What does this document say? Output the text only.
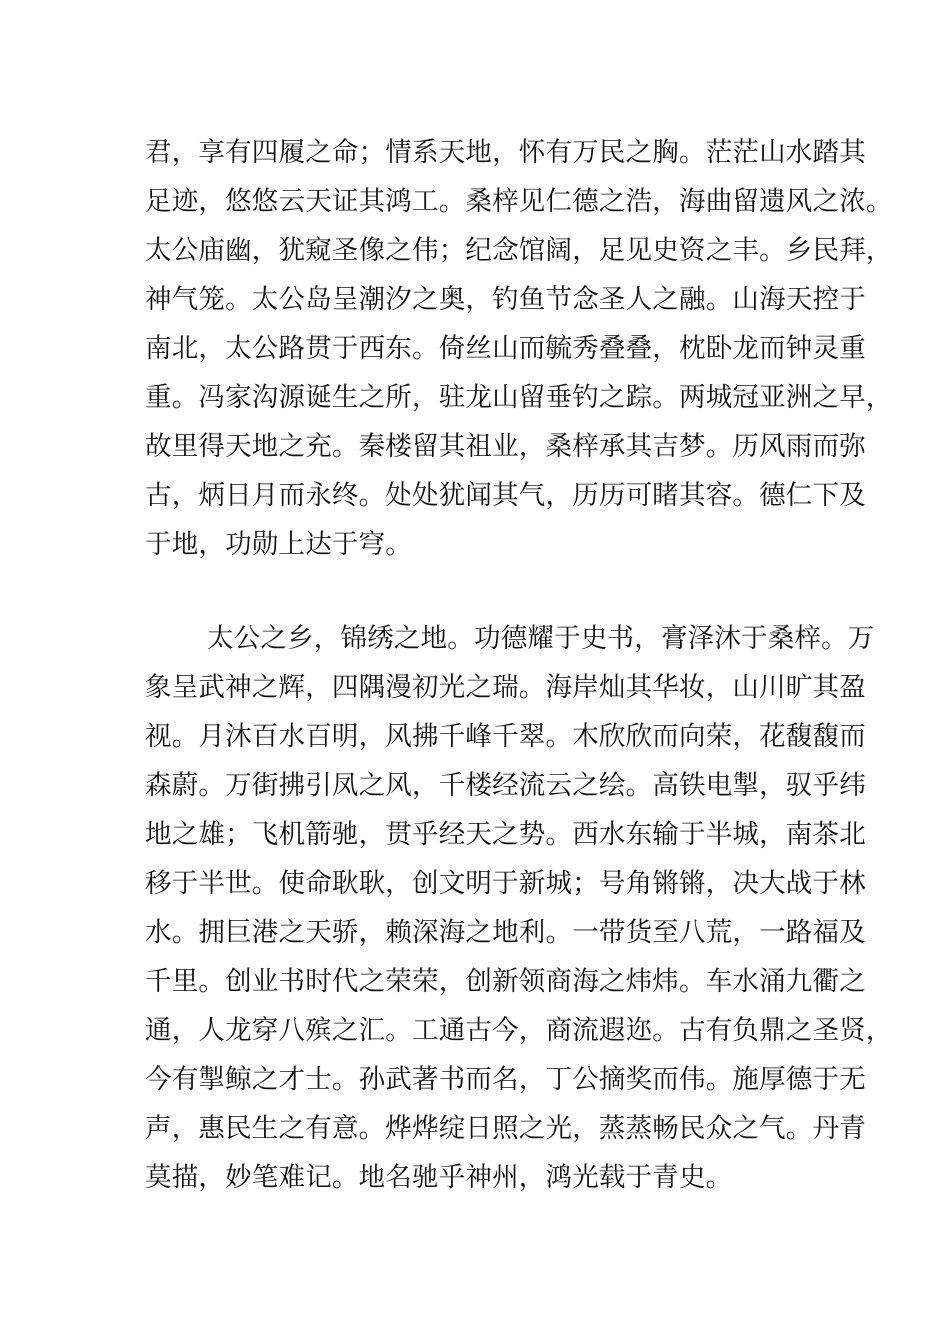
君，享有四履之命；情系天地，怀有万民之胸。茫茫山水踏其
足迹，悠悠云天证其鸿工。桑梓见仁德之浩，海曲留遗风之浓。
太公庙幽，犹窥圣像之伟；纪念馆阔，足见史资之丰。乡民拜，
神气笼。太公岛呈潮汐之奥，钓鱼节念圣人之融。山海天控于
南北，太公路贯于西东。倚丝山而毓秀叠叠，枕卧龙而钟灵重
重。冯家沟源诞生之所，驻龙山留垂钓之踪。两城冠亚洲之早，
故里得天地之充。秦楼留其祖业，桑梓承其吉梦。历风雨而弥
古，炳日月而永终。处处犹闻其气，历历可睹其容。德仁下及
于地，功勋上达于穹。
太公之乡，锦绣之地。功德耀于史书，膏泽沐于桑梓。万
象呈武神之辉，四隅漫初光之瑞。海岸灿其华妆，山川旷其盈
视。月沐百水百明，风拂千峰千翠。木欣欣而向荣，花馥馥而
森蔚。万街拂引凤之风，千楼经流云之绘。高铁电掣，驭乎纬
地之雄；飞机箭驰，贯乎经天之势。西水东输于半城，南茶北
移于半世。使命耿耿，创文明于新城；号角锵锵，决大战于林
水。拥巨港之天骄，赖深海之地利。一带货至八荒，一路福及
千里。创业书时代之荣荣，创新领商海之炜炜。车水涌九衢之
通，人龙穿八殡之汇。工通古今，商流遐迩。古有负鼎之圣贤，
今有掣鲸之才士。孙武著书而名，丁公摘奖而伟。施厚德于无
声，惠民生之有意。烨烨绽日照之光，蒸蒸畅民众之气。丹青
莫描，妙笔难记。地名驰乎神州，鸿光载于青史。
